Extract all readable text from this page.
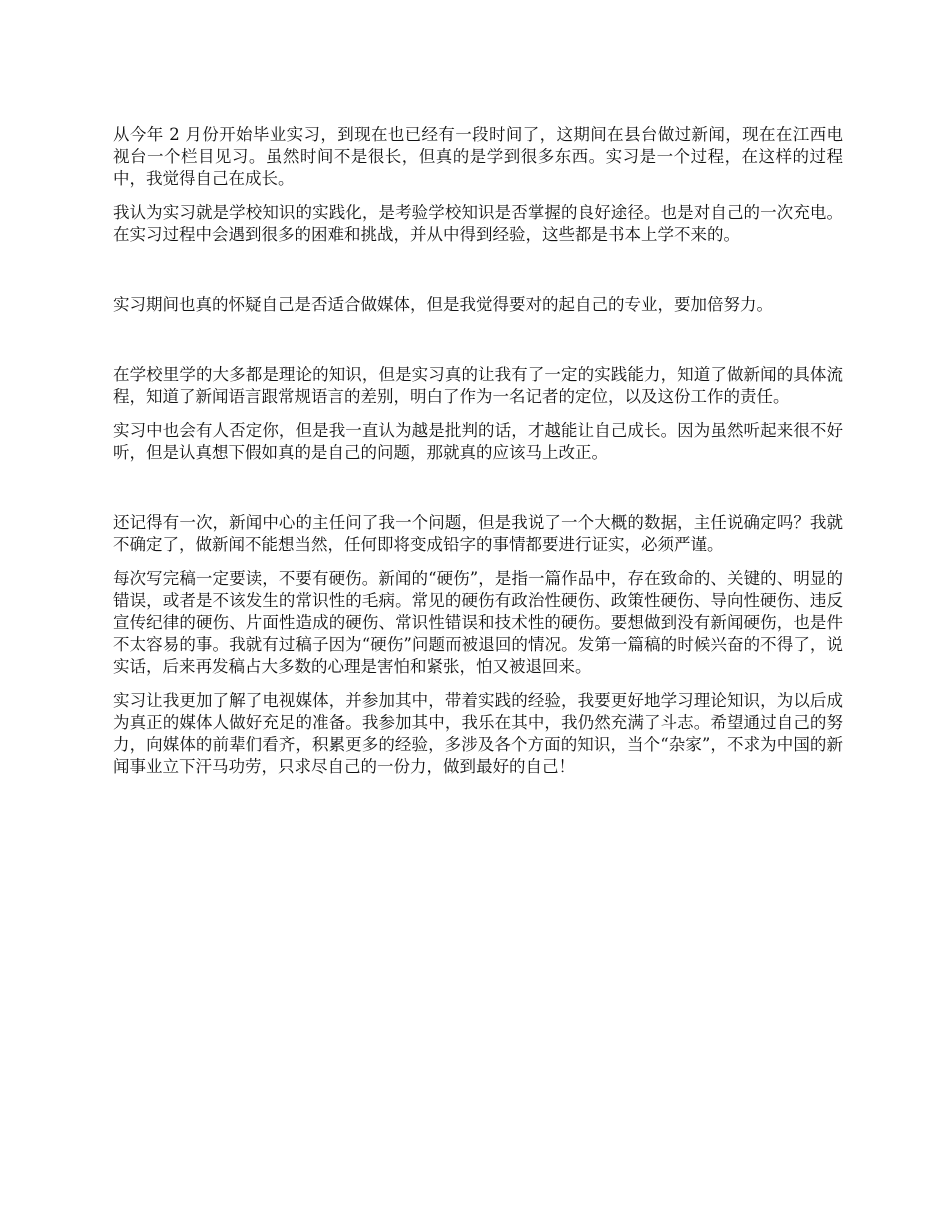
从今年 2 月份开始毕业实习，到现在也已经有一段时间了，这期间在县台做过新闻，现在在江西电视台一个栏目见习。虽然时间不是很长，但真的是学到很多东西。实习是一个过程，在这样的过程中，我觉得自己在成长。

我认为实习就是学校知识的实践化，是考验学校知识是否掌握的良好途径。也是对自己的一次充电。在实习过程中会遇到很多的困难和挑战，并从中得到经验，这些都是书本上学不来的。

实习期间也真的怀疑自己是否适合做媒体，但是我觉得要对的起自己的专业，要加倍努力。

在学校里学的大多都是理论的知识，但是实习真的让我有了一定的实践能力，知道了做新闻的具体流程，知道了新闻语言跟常规语言的差别，明白了作为一名记者的定位，以及这份工作的责任。

实习中也会有人否定你，但是我一直认为越是批判的话，才越能让自己成长。因为虽然听起来很不好听，但是认真想下假如真的是自己的问题，那就真的应该马上改正。

还记得有一次，新闻中心的主任问了我一个问题，但是我说了一个大概的数据，主任说确定吗？我就不确定了，做新闻不能想当然，任何即将变成铅字的事情都要进行证实，必须严谨。

每次写完稿一定要读，不要有硬伤。新闻的“硬伤”，是指一篇作品中，存在致命的、关键的、明显的错误，或者是不该发生的常识性的毛病。常见的硬伤有政治性硬伤、政策性硬伤、导向性硬伤、违反宣传纪律的硬伤、片面性造成的硬伤、常识性错误和技术性的硬伤。要想做到没有新闻硬伤，也是件不太容易的事。我就有过稿子因为“硬伤”问题而被退回的情况。发第一篇稿的时候兴奋的不得了，说实话，后来再发稿占大多数的心理是害怕和紧张，怕又被退回来。

实习让我更加了解了电视媒体，并参加其中，带着实践的经验，我要更好地学习理论知识，为以后成为真正的媒体人做好充足的准备。我参加其中，我乐在其中，我仍然充满了斗志。希望通过自己的努力，向媒体的前辈们看齐，积累更多的经验，多涉及各个方面的知识，当个“杂家”，不求为中国的新闻事业立下汗马功劳，只求尽自己的一份力，做到最好的自己！
